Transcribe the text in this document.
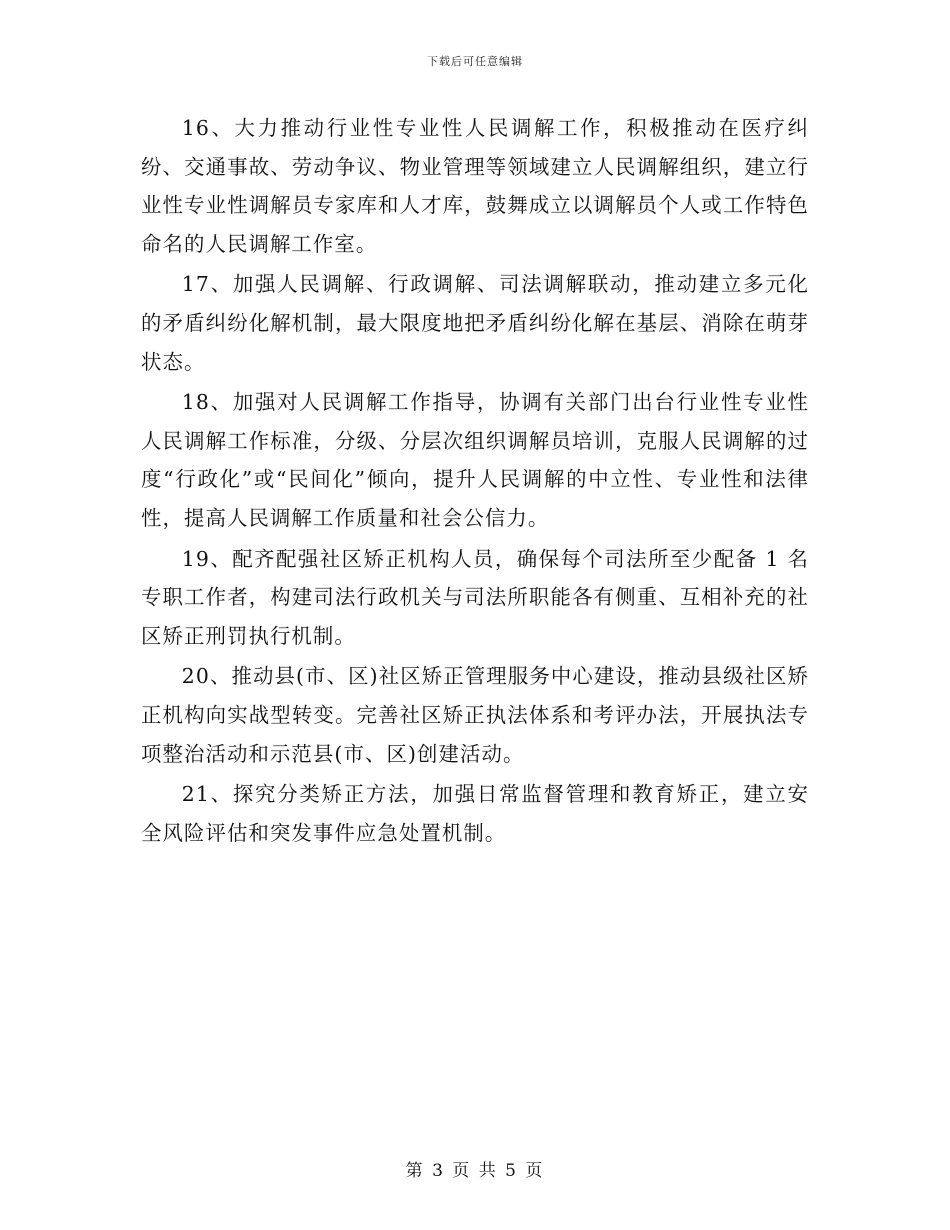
下载后可任意编辑

16、大力推动行业性专业性人民调解工作，积极推动在医疗纠纷、交通事故、劳动争议、物业管理等领域建立人民调解组织，建立行业性专业性调解员专家库和人才库，鼓舞成立以调解员个人或工作特色命名的人民调解工作室。

17、加强人民调解、行政调解、司法调解联动，推动建立多元化的矛盾纠纷化解机制，最大限度地把矛盾纠纷化解在基层、消除在萌芽状态。

18、加强对人民调解工作指导，协调有关部门出台行业性专业性人民调解工作标准，分级、分层次组织调解员培训，克服人民调解的过度“行政化”或“民间化”倾向，提升人民调解的中立性、专业性和法律性，提高人民调解工作质量和社会公信力。

19、配齐配强社区矫正机构人员，确保每个司法所至少配备 1 名专职工作者，构建司法行政机关与司法所职能各有侧重、互相补充的社区矫正刑罚执行机制。

20、推动县(市、区)社区矫正管理服务中心建设，推动县级社区矫正机构向实战型转变。完善社区矫正执法体系和考评办法，开展执法专项整治活动和示范县(市、区)创建活动。

21、探究分类矫正方法，加强日常监督管理和教育矫正，建立安全风险评估和突发事件应急处置机制。

第 3 页 共 5 页
